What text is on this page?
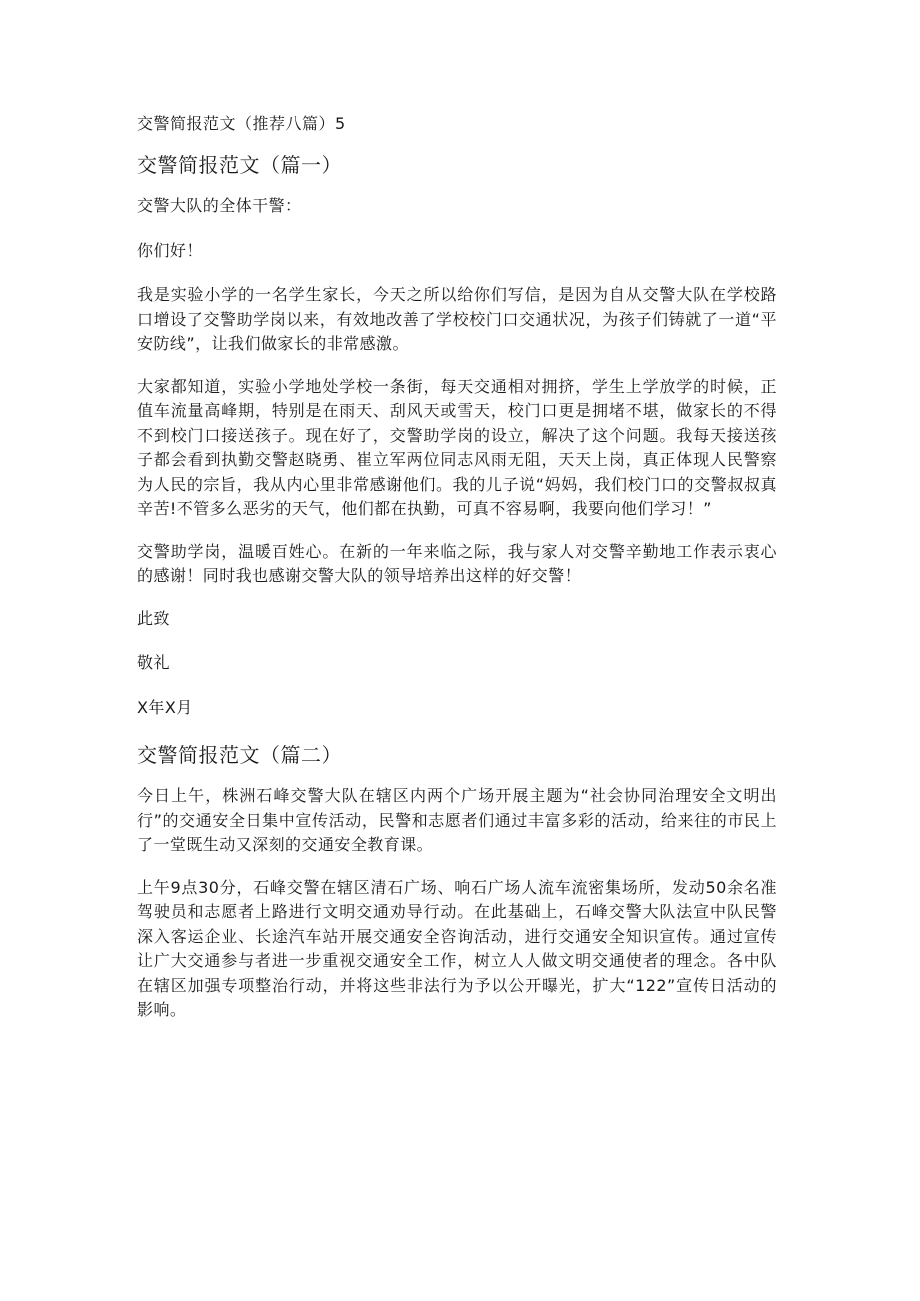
交警简报范文（推荐八篇）5
交警简报范文（篇一）

交警大队的全体干警：

你们好！

我是实验小学的一名学生家长，今天之所以给你们写信，是因为自从交警大队在学校路口增设了交警助学岗以来，有效地改善了学校校门口交通状况，为孩子们铸就了一道“平安防线”，让我们做家长的非常感激。

大家都知道，实验小学地处学校一条街，每天交通相对拥挤，学生上学放学的时候，正值车流量高峰期，特别是在雨天、刮风天或雪天，校门口更是拥堵不堪，做家长的不得不到校门口接送孩子。现在好了，交警助学岗的设立，解决了这个问题。我每天接送孩子都会看到执勤交警赵晓勇、崔立军两位同志风雨无阻，天天上岗，真正体现人民警察为人民的宗旨，我从内心里非常感谢他们。我的儿子说“妈妈，我们校门口的交警叔叔真辛苦!不管多么恶劣的天气，他们都在执勤，可真不容易啊，我要向他们学习！”

交警助学岗，温暖百姓心。在新的一年来临之际，我与家人对交警辛勤地工作表示衷心的感谢！同时我也感谢交警大队的领导培养出这样的好交警！

此致

敬礼

X年X月

交警简报范文（篇二）

今日上午，株洲石峰交警大队在辖区内两个广场开展主题为“社会协同治理安全文明出行”的交通安全日集中宣传活动，民警和志愿者们通过丰富多彩的活动，给来往的市民上了一堂既生动又深刻的交通安全教育课。

上午9点30分，石峰交警在辖区清石广场、响石广场人流车流密集场所，发动50余名准驾驶员和志愿者上路进行文明交通劝导行动。在此基础上，石峰交警大队法宣中队民警深入客运企业、长途汽车站开展交通安全咨询活动，进行交通安全知识宣传。通过宣传让广大交通参与者进一步重视交通安全工作，树立人人做文明交通使者的理念。各中队在辖区加强专项整治行动，并将这些非法行为予以公开曝光，扩大“122”宣传日活动的影响。
